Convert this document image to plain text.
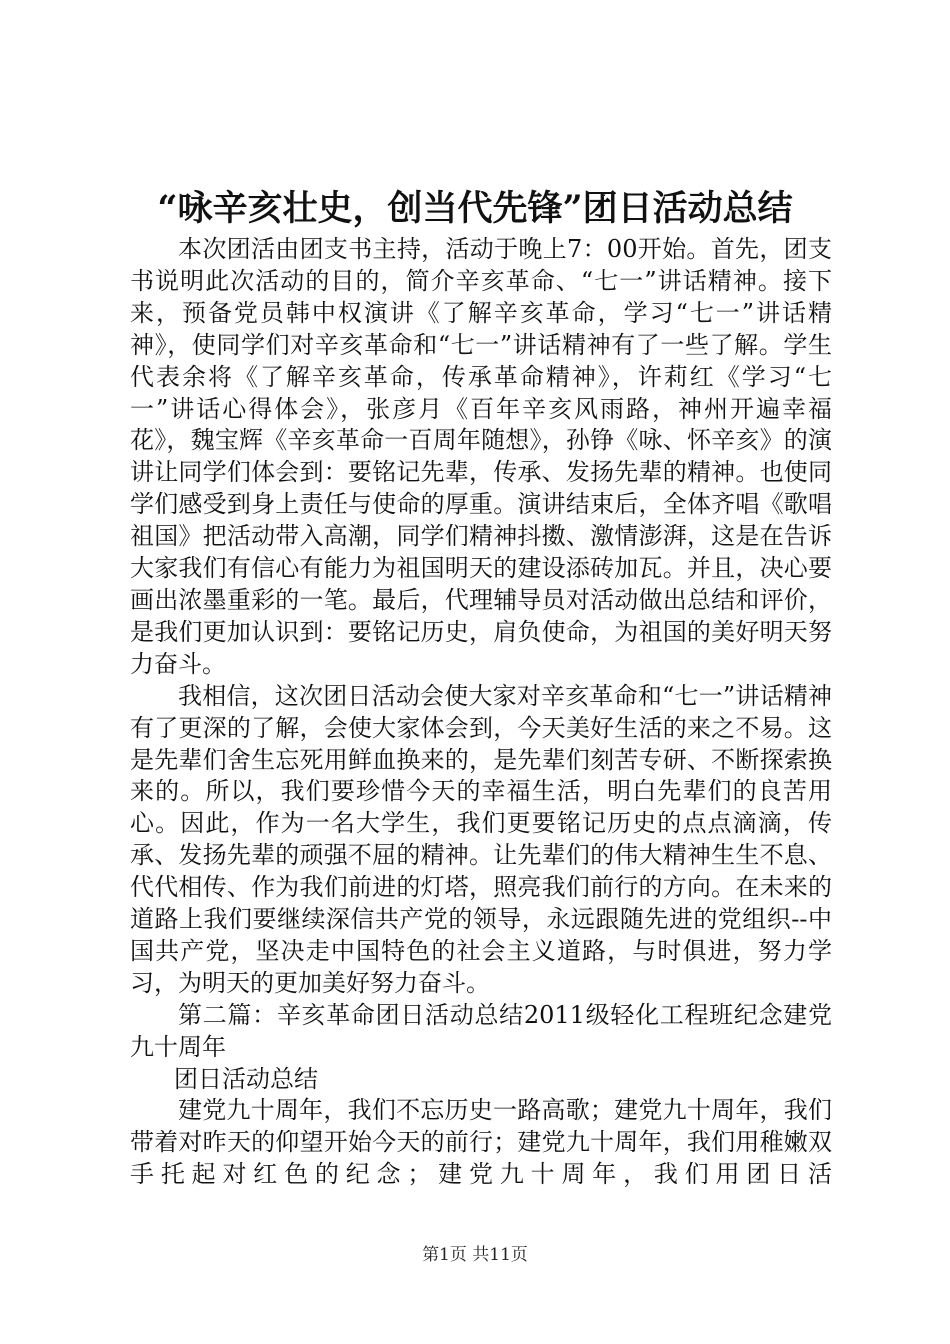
“咏辛亥壮史，创当代先锋”团日活动总结

本次团活由团支书主持，活动于晚上7：00开始。首先，团支书说明此次活动的目的，简介辛亥革命、“七一”讲话精神。接下来，预备党员韩中权演讲《了解辛亥革命，学习“七一”讲话精神》，使同学们对辛亥革命和“七一”讲话精神有了一些了解。学生代表余将《了解辛亥革命，传承革命精神》，许莉红《学习“七一”讲话心得体会》，张彦月《百年辛亥风雨路，神州开遍幸福花》，魏宝辉《辛亥革命一百周年随想》，孙铮《咏、怀辛亥》的演讲让同学们体会到：要铭记先辈，传承、发扬先辈的精神。也使同学们感受到身上责任与使命的厚重。演讲结束后，全体齐唱《歌唱祖国》把活动带入高潮，同学们精神抖擞、激情澎湃，这是在告诉大家我们有信心有能力为祖国明天的建设添砖加瓦。并且，决心要画出浓墨重彩的一笔。最后，代理辅导员对活动做出总结和评价，是我们更加认识到：要铭记历史，肩负使命，为祖国的美好明天努力奋斗。

我相信，这次团日活动会使大家对辛亥革命和“七一”讲话精神有了更深的了解，会使大家体会到，今天美好生活的来之不易。这是先辈们舍生忘死用鲜血换来的，是先辈们刻苦专研、不断探索换来的。所以，我们要珍惜今天的幸福生活，明白先辈们的良苦用心。因此，作为一名大学生，我们更要铭记历史的点点滴滴，传承、发扬先辈的顽强不屈的精神。让先辈们的伟大精神生生不息、代代相传、作为我们前进的灯塔，照亮我们前行的方向。在未来的道路上我们要继续深信共产党的领导，永远跟随先进的党组织--中国共产党，坚决走中国特色的社会主义道路，与时俱进，努力学习，为明天的更加美好努力奋斗。

第二篇：辛亥革命团日活动总结2011级轻化工程班纪念建党九十周年

团日活动总结

建党九十周年，我们不忘历史一路高歌；建党九十周年，我们带着对昨天的仰望开始今天的前行；建党九十周年，我们用稚嫩双手托起对红色的纪念；建党九十周年，我们用团日活

第1页 共11页
